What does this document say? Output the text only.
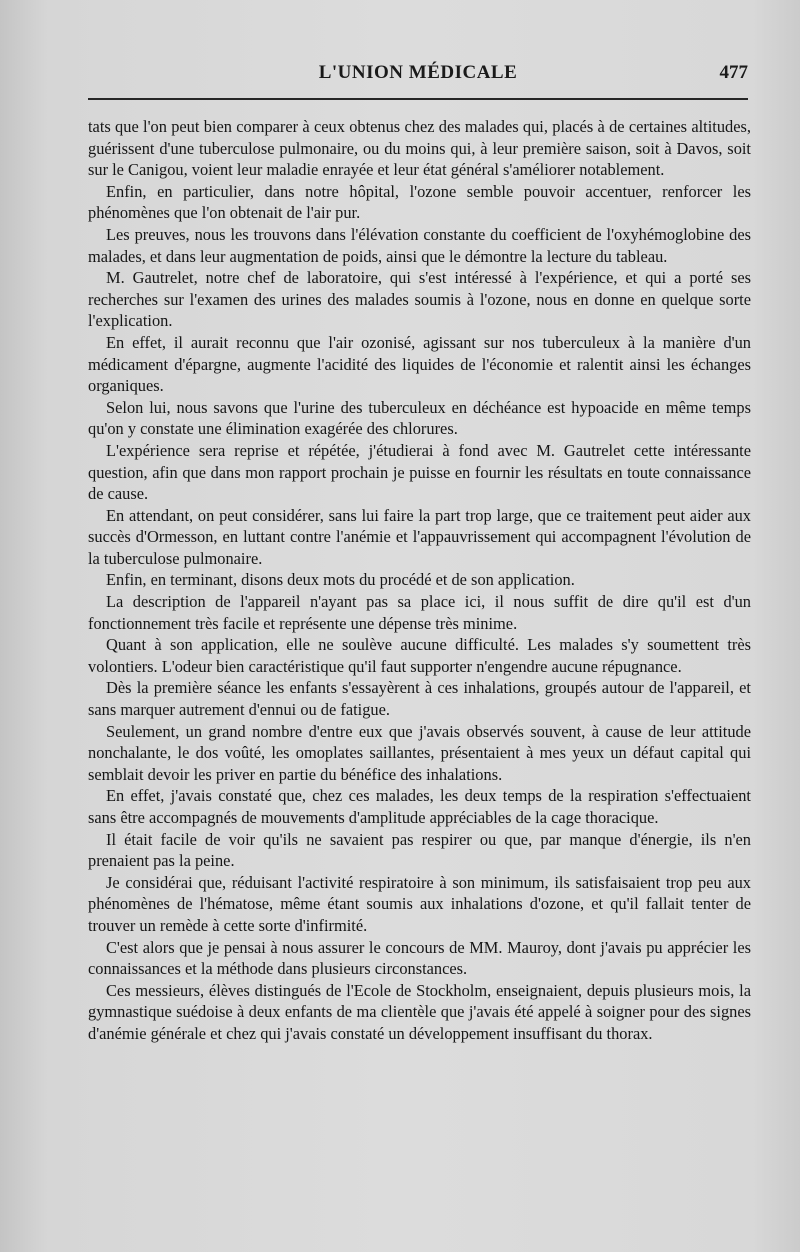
L'UNION MÉDICALE	477

tats que l'on peut bien comparer à ceux obtenus chez des malades qui, placés à de certaines altitudes, guérissent d'une tuberculose pulmonaire, ou du moins qui, à leur première saison, soit à Davos, soit sur le Canigou, voient leur maladie enrayée et leur état général s'améliorer notablement.

Enfin, en particulier, dans notre hôpital, l'ozone semble pouvoir accentuer, renforcer les phénomènes que l'on obtenait de l'air pur.

Les preuves, nous les trouvons dans l'élévation constante du coefficient de l'oxyhémoglobine des malades, et dans leur augmentation de poids, ainsi que le démontre la lecture du tableau.

M. Gautrelet, notre chef de laboratoire, qui s'est intéressé à l'expérience, et qui a porté ses recherches sur l'examen des urines des malades soumis à l'ozone, nous en donne en quelque sorte l'explication.

En effet, il aurait reconnu que l'air ozonisé, agissant sur nos tuberculeux à la manière d'un médicament d'épargne, augmente l'acidité des liquides de l'économie et ralentit ainsi les échanges organiques.

Selon lui, nous savons que l'urine des tuberculeux en déchéance est hypoacide en même temps qu'on y constate une élimination exagérée des chlorures.

L'expérience sera reprise et répétée, j'étudierai à fond avec M. Gautrelet cette intéressante question, afin que dans mon rapport prochain je puisse en fournir les résultats en toute connaissance de cause.

En attendant, on peut considérer, sans lui faire la part trop large, que ce traitement peut aider aux succès d'Ormesson, en luttant contre l'anémie et l'appauvrissement qui accompagnent l'évolution de la tuberculose pulmonaire.

Enfin, en terminant, disons deux mots du procédé et de son application.

La description de l'appareil n'ayant pas sa place ici, il nous suffit de dire qu'il est d'un fonctionnement très facile et représente une dépense très minime.

Quant à son application, elle ne soulève aucune difficulté. Les malades s'y soumettent très volontiers. L'odeur bien caractéristique qu'il faut supporter n'engendre aucune répugnance.

Dès la première séance les enfants s'essayèrent à ces inhalations, groupés autour de l'appareil, et sans marquer autrement d'ennui ou de fatigue.

Seulement, un grand nombre d'entre eux que j'avais observés souvent, à cause de leur attitude nonchalante, le dos voûté, les omoplates saillantes, présentaient à mes yeux un défaut capital qui semblait devoir les priver en partie du bénéfice des inhalations.

En effet, j'avais constaté que, chez ces malades, les deux temps de la respiration s'effectuaient sans être accompagnés de mouvements d'amplitude appréciables de la cage thoracique.

Il était facile de voir qu'ils ne savaient pas respirer ou que, par manque d'énergie, ils n'en prenaient pas la peine.

Je considérai que, réduisant l'activité respiratoire à son minimum, ils satisfaisaient trop peu aux phénomènes de l'hématose, même étant soumis aux inhalations d'ozone, et qu'il fallait tenter de trouver un remède à cette sorte d'infirmité.

C'est alors que je pensai à nous assurer le concours de MM. Mauroy, dont j'avais pu apprécier les connaissances et la méthode dans plusieurs circonstances.

Ces messieurs, élèves distingués de l'Ecole de Stockholm, enseignaient, depuis plusieurs mois, la gymnastique suédoise à deux enfants de ma clientèle que j'avais été appelé à soigner pour des signes d'anémie générale et chez qui j'avais constaté un développement insuffisant du thorax.
